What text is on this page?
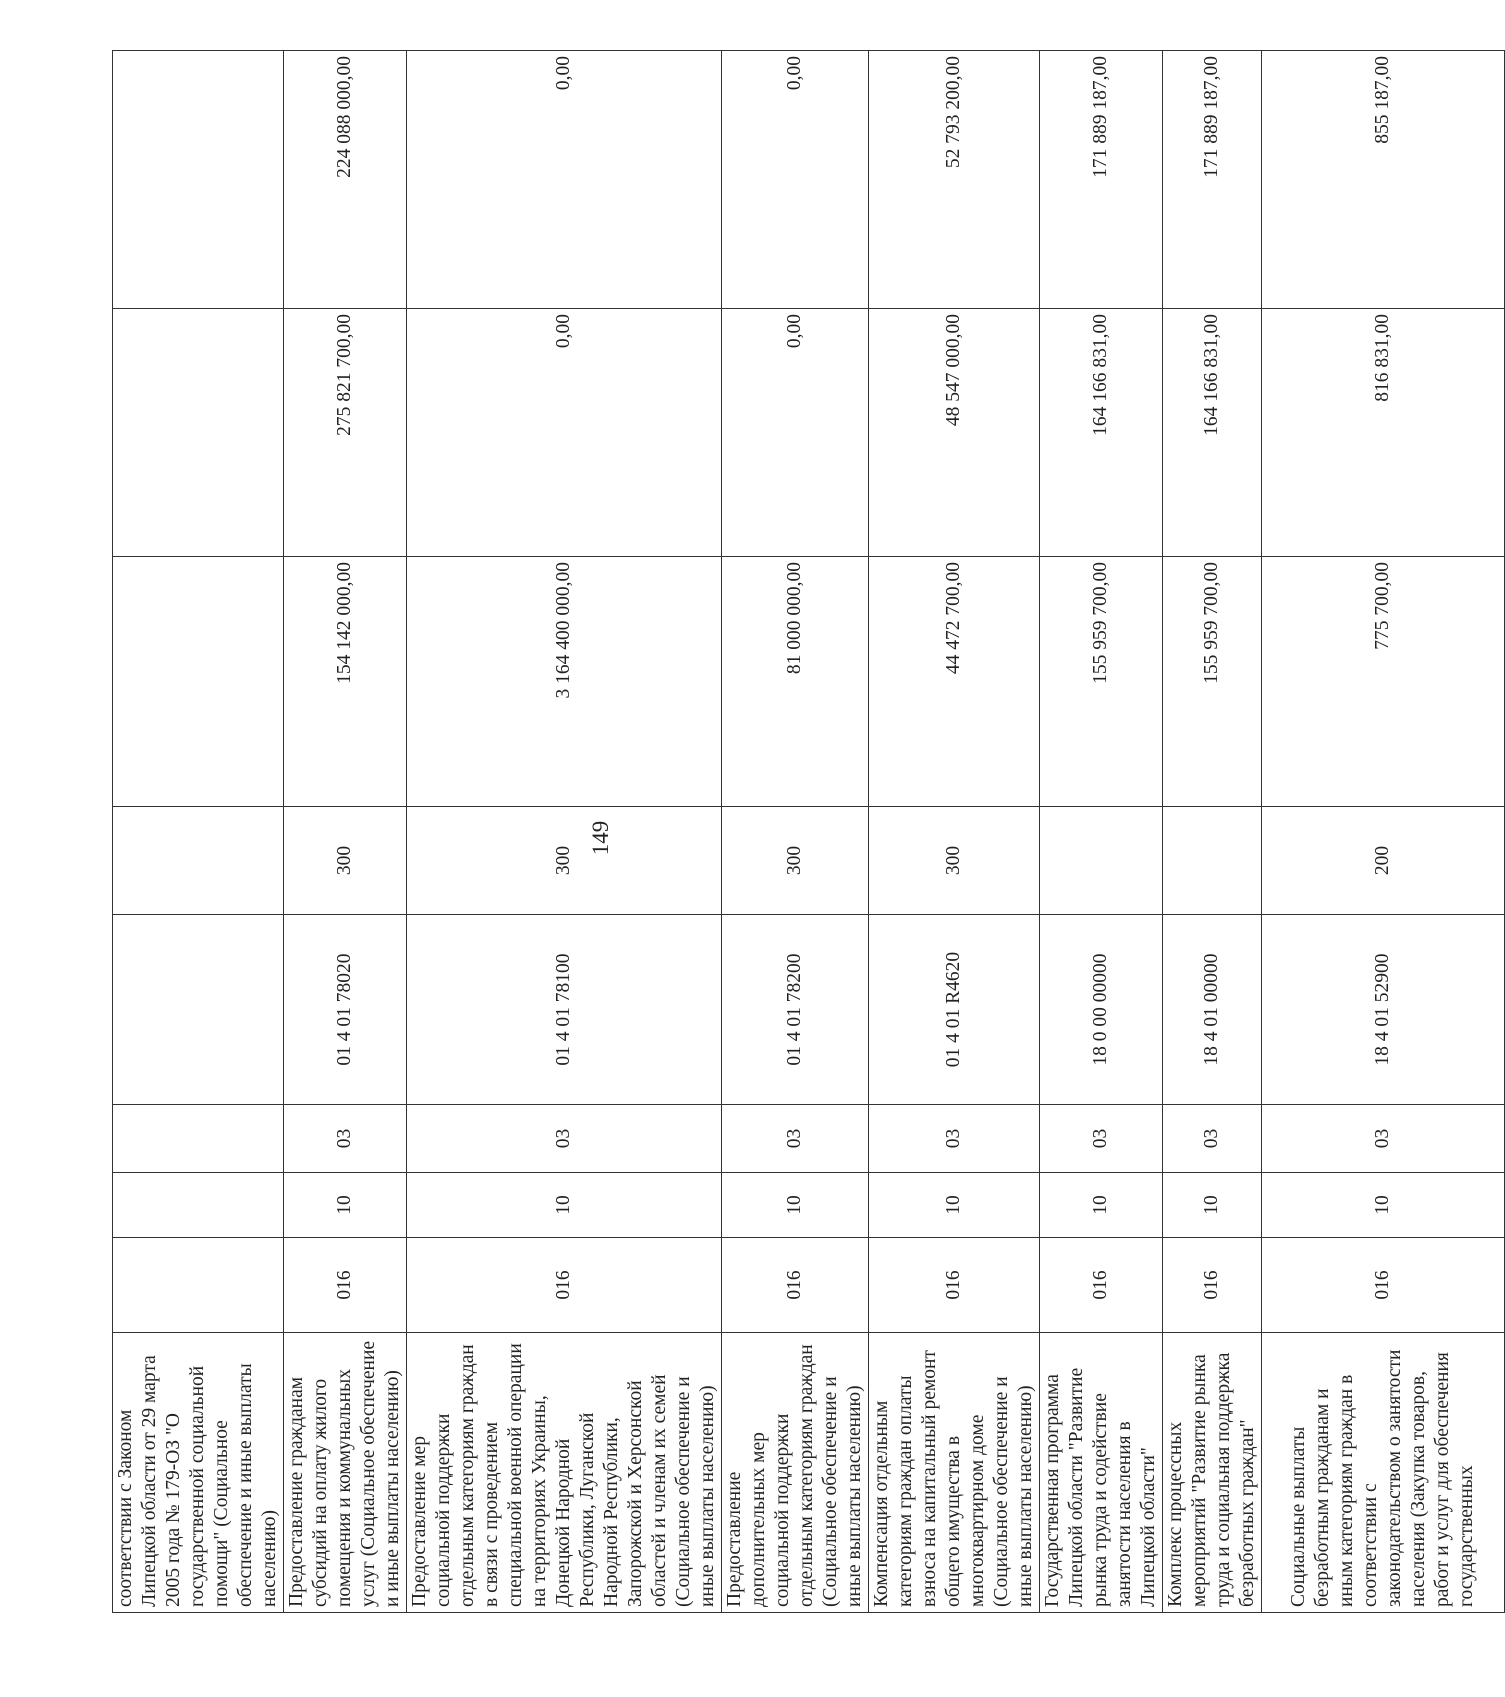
149
соответствии с Законом Липецкой области от 29 марта 2005 года № 179-ОЗ "О государственной социальной помощи" (Социальное обеспечение и иные выплаты населению)								
Предоставление гражданам субсидий на оплату жилого помещения и коммунальных услуг (Социальное обеспечение и иные выплаты населению)	016	10	03	01 4 01 78020	300	154 142 000,00	275 821 700,00	224 088 000,00
Предоставление мер социальной поддержки отдельным категориям граждан в связи с проведением специальной военной операции на территориях Украины, Донецкой Народной Республики, Луганской Народной Республики, Запорожской и Херсонской областей и членам их семей (Социальное обеспечение и иные выплаты населению)	016	10	03	01 4 01 78100	300	3 164 400 000,00	0,00	0,00
Предоставление дополнительных мер социальной поддержки отдельным категориям граждан (Социальное обеспечение и иные выплаты населению)	016	10	03	01 4 01 78200	300	81 000 000,00	0,00	0,00
Компенсация отдельным категориям граждан оплаты взноса на капитальный ремонт общего имущества в многоквартирном доме (Социальное обеспечение и иные выплаты населению)	016	10	03	01 4 01 R4620	300	44 472 700,00	48 547 000,00	52 793 200,00
Государственная программа Липецкой области "Развитие рынка труда и содействие занятости населения в Липецкой области"	016	10	03	18 0 00 00000		155 959 700,00	164 166 831,00	171 889 187,00
Комплекс процессных мероприятий "Развитие рынка труда и социальная поддержка безработных граждан"	016	10	03	18 4 01 00000		155 959 700,00	164 166 831,00	171 889 187,00
Социальные выплаты безработным гражданам и иным категориям граждан в соответствии с законодательством о занятости населения (Закупка товаров, работ и услуг для обеспечения государственных	016	10	03	18 4 01 52900	200	775 700,00	816 831,00	855 187,00
